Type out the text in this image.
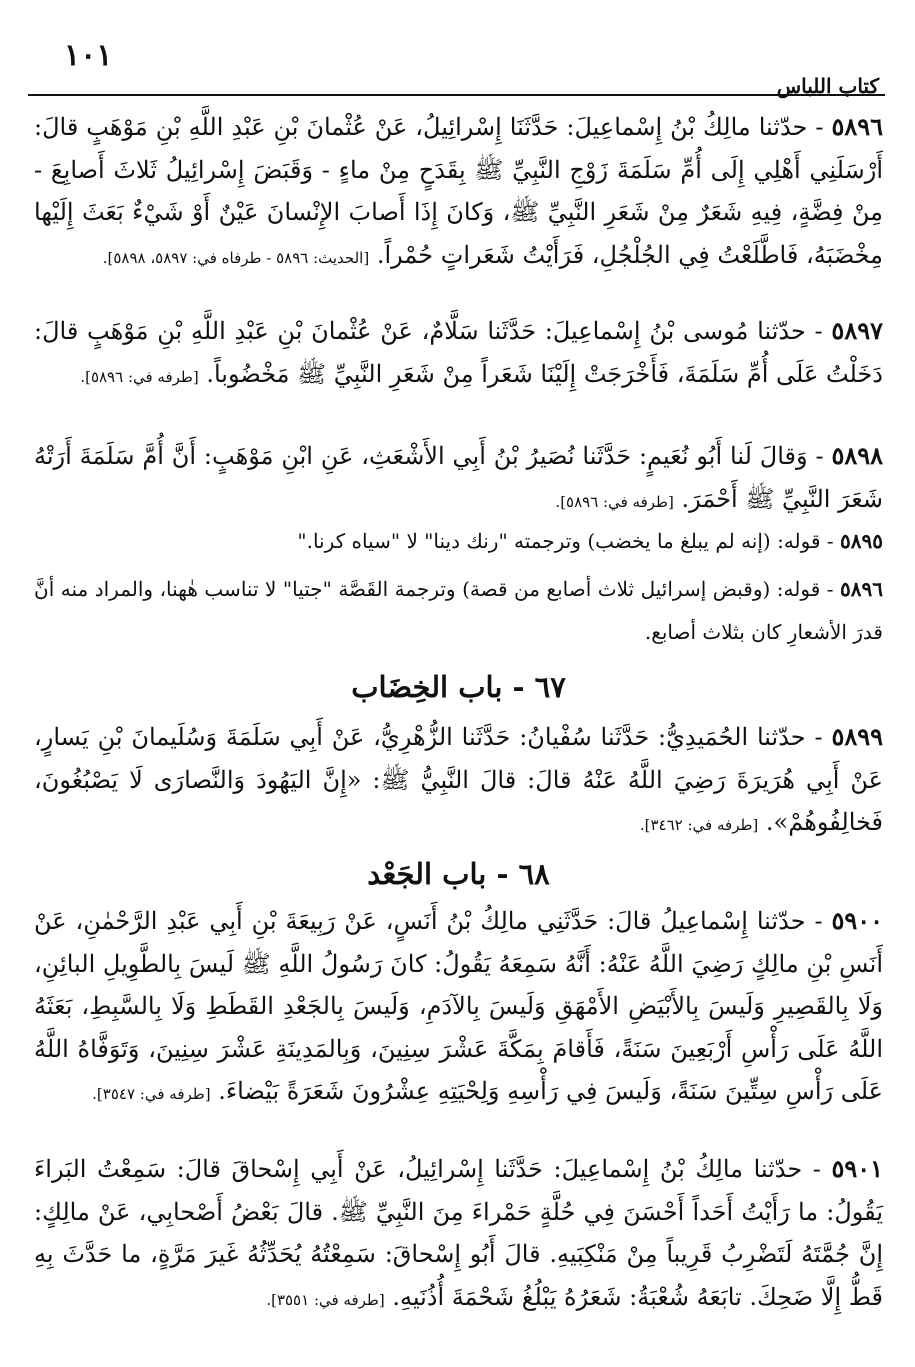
١٠١
كتاب اللباس
٥٨٩٦ - حدّثنا مالِكُ بْنُ إِسْماعِيلَ: حَدَّثَنَا إِسْرائِيلُ، عَنْ عُثْمانَ بْنِ عَبْدِ اللَّهِ بْنِ مَوْهَبٍ قالَ: أَرْسَلَنِي أَهْلِي إِلَى أُمِّ سَلَمَةَ زَوْجِ النَّبِيِّ ﷺ بِقَدَحٍ مِنْ ماءٍ - وَقَبَضَ إِسْرائِيلُ ثَلاثَ أَصابِعَ - مِنْ فِضَّةٍ، فِيهِ شَعَرٌ مِنْ شَعَرِ النَّبِيِّ ﷺ، وَكانَ إِذَا أَصابَ الإِنْسانَ عَيْنٌ أَوْ شَيْءٌ بَعَثَ إِلَيْها مِخْضَبَهُ، فَاطَّلَعْتُ فِي الجُلْجُلِ، فَرَأَيْتُ شَعَراتٍ حُمْراً. [الحديث: ٥٨٩٦ - طرفاه في: ٥٨٩٧، ٥٨٩٨].
٥٨٩٧ - حدّثنا مُوسى بْنُ إِسْماعِيلَ: حَدَّثَنا سَلَّامٌ، عَنْ عُثْمانَ بْنِ عَبْدِ اللَّهِ بْنِ مَوْهَبٍ قالَ: دَخَلْتُ عَلَى أُمِّ سَلَمَةَ، فَأَخْرَجَتْ إِلَيْنَا شَعَراً مِنْ شَعَرِ النَّبِيِّ ﷺ مَخْضُوباً. [طرفه في: ٥٨٩٦].
٥٨٩٨ - وَقالَ لَنا أَبُو نُعَيمٍ: حَدَّثَنا نُصَيرُ بْنُ أَبِي الأَشْعَثِ، عَنِ ابْنِ مَوْهَبٍ: أَنَّ أُمَّ سَلَمَةَ أَرَتْهُ شَعَرَ النَّبِيِّ ﷺ أَحْمَرَ. [طرفه في: ٥٨٩٦].
٥٨٩٥ - قوله: (إنه لم يبلغ ما يخضب) وترجمته "رنك دينا" لا "سياه كرنا."
٥٨٩٦ - قوله: (وقبض إسرائيل ثلاث أصابع من قصة) وترجمة القَصَّة "جتيا" لا تناسب هٰهنا، والمراد منه أنَّ قدرَ الأشعارِ كان بثلاث أصابع.
٦٧ - باب الخِضَاب
٥٨٩٩ - حدّثنا الحُمَيدِيُّ: حَدَّثَنا سُفْيانُ: حَدَّثَنا الزُّهْرِيُّ، عَنْ أَبِي سَلَمَةَ وَسُلَيمانَ بْنِ يَسارٍ، عَنْ أَبِي هُرَيرَةَ رَضِيَ اللَّهُ عَنْهُ قالَ: قالَ النَّبِيُّ ﷺ: «إِنَّ اليَهُودَ وَالنَّصارَى لَا يَصْبُغُونَ، فَخالِفُوهُمْ». [طرفه في: ٣٤٦٢].
٦٨ - باب الجَعْد
٥٩٠٠ - حدّثنا إِسْماعِيلُ قالَ: حَدَّثَنِي مالِكُ بْنُ أَنَسٍ، عَنْ رَبِيعَةَ بْنِ أَبِي عَبْدِ الرَّحْمٰنِ، عَنْ أَنَسِ بْنِ مالِكٍ رَضِيَ اللَّهُ عَنْهُ: أَنَّهُ سَمِعَهُ يَقُولُ: كانَ رَسُولُ اللَّهِ ﷺ لَيسَ بِالطَّوِيلِ البائِنِ، وَلَا بِالقَصِيرِ وَلَيسَ بِالأَبْيَضِ الأَمْهَقِ وَلَيسَ بِالآدَمِ، وَلَيسَ بِالجَعْدِ القَطَطِ وَلَا بِالسَّبِطِ، بَعَثَهُ اللَّهُ عَلَى رَأْسِ أَرْبَعِينَ سَنَةً، فَأَقامَ بِمَكَّةَ عَشْرَ سِنِينَ، وَبِالمَدِينَةِ عَشْرَ سِنِينَ، وَتَوَفَّاهُ اللَّهُ عَلَى رَأْسِ سِتِّينَ سَنَةً، وَلَيسَ فِي رَأْسِهِ وَلِحْيَتِهِ عِشْرُونَ شَعَرَةً بَيْضاءَ. [طرفه في: ٣٥٤٧].
٥٩٠١ - حدّثنا مالِكُ بْنُ إِسْماعِيلَ: حَدَّثَنا إِسْرائِيلُ، عَنْ أَبِي إِسْحاقَ قالَ: سَمِعْتُ البَراءَ يَقُولُ: ما رَأَيْتُ أَحَداً أَحْسَنَ فِي حُلَّةٍ حَمْراءَ مِنَ النَّبِيِّ ﷺ. قالَ بَعْضُ أَصْحابِي، عَنْ مالِكٍ: إِنَّ جُمَّتَهُ لَتَضْرِبُ قَرِيباً مِنْ مَنْكِبَيهِ. قالَ أَبُو إِسْحاقَ: سَمِعْتُهُ يُحَدِّثُهُ غَيرَ مَرَّةٍ، ما حَدَّثَ بِهِ قَطُّ إِلَّا ضَحِكَ. تابَعَهُ شُعْبَةُ: شَعَرُهُ يَبْلُغُ شَحْمَةَ أُذُنَيهِ. [طرفه في: ٣٥٥١].
